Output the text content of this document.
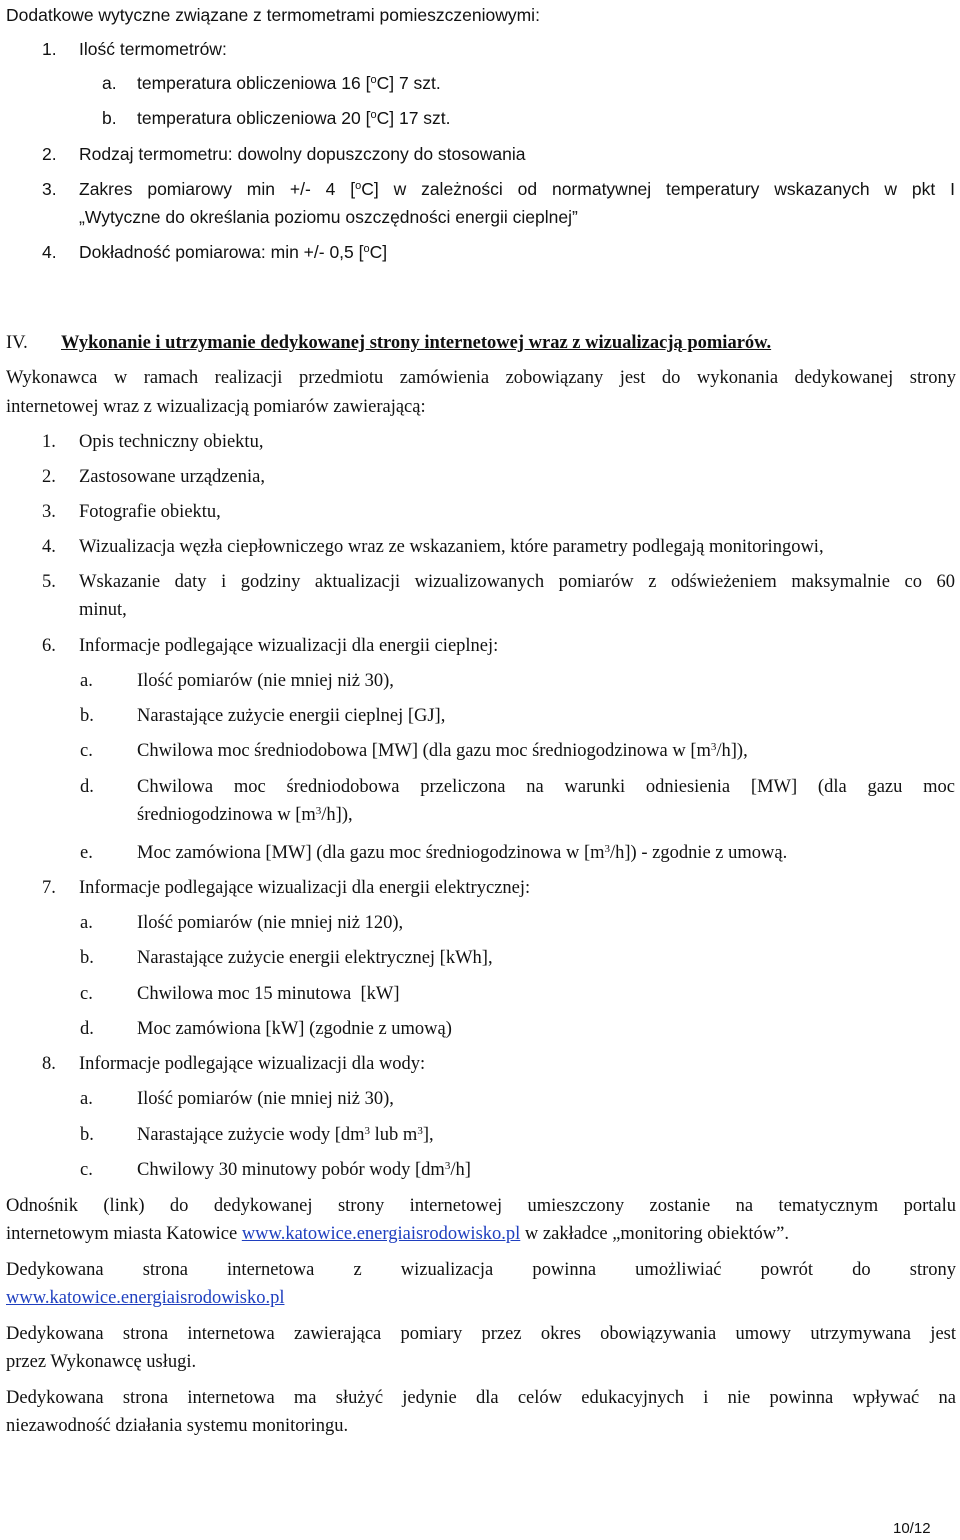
Dodatkowe wytyczne związane z termometrami pomieszczeniowymi:
1. Ilość termometrów:
a. temperatura obliczeniowa 16 [$^o$C] 7 szt.
b. temperatura obliczeniowa 20 [$^o$C] 17 szt.
2. Rodzaj termometru: dowolny dopuszczony do stosowania
3. Zakres pomiarowy min +/- 4 [$^o$C] w zależności od normatywnej temperatury wskazanych w pkt I
„Wytyczne do określania poziomu oszczędności energii cieplnej”
4. Dokładność pomiarowa: min +/- 0,5 [$^o$C]
IV. Wykonanie i utrzymanie dedykowanej strony internetowej wraz z wizualizacją pomiarów.
Wykonawca w ramach realizacji przedmiotu zamówienia zobowiązany jest do wykonania dedykowanej strony
internetowej wraz z wizualizacją pomiarów zawierającą:
1. Opis techniczny obiektu,
2. Zastosowane urządzenia,
3. Fotografie obiektu,
4. Wizualizacja węzła ciepłowniczego wraz ze wskazaniem, które parametry podlegają monitoringowi,
5. Wskazanie daty i godziny aktualizacji wizualizowanych pomiarów z odświeżeniem maksymalnie co 60
minut,
6. Informacje podlegające wizualizacji dla energii cieplnej:
a. Ilość pomiarów (nie mniej niż 30),
b. Narastające zużycie energii cieplnej [GJ],
c. Chwilowa moc średniodobowa [MW] (dla gazu moc średniogodzinowa w $[m^3/h]$),
d. Chwilowa moc średniodobowa przeliczona na warunki odniesienia [MW] (dla gazu moc
średniogodzinowa w $[m^3/h]$),
e. Moc zamówiona [MW] (dla gazu moc średniogodzinowa w $[m^3/h]$) - zgodnie z umową.
7. Informacje podlegające wizualizacji dla energii elektrycznej:
a. Ilość pomiarów (nie mniej niż 120),
b. Narastające zużycie energii elektrycznej [kWh],
c. Chwilowa moc 15 minutowa  [kW]
d. Moc zamówiona [kW] (zgodnie z umową)
8. Informacje podlegające wizualizacji dla wody:
a. Ilość pomiarów (nie mniej niż 30),
b. Narastające zużycie wody [$dm^3$ lub $m^3$],
c. Chwilowy 30 minutowy pobór wody $[dm^3/h]$
Odnośnik (link) do dedykowanej strony internetowej umieszczony zostanie na tematycznym portalu
internetowym miasta Katowice www.katowice.energiaisrodowisko.pl w zakładce „monitoring obiektów”.
Dedykowana strona internetowa z wizualizacja powinna umożliwiać powrót do strony
www.katowice.energiaisrodowisko.pl
Dedykowana strona internetowa zawierająca pomiary przez okres obowiązywania umowy utrzymywana jest
przez Wykonawcę usługi.
Dedykowana strona internetowa ma służyć jedynie dla celów edukacyjnych i nie powinna wpływać na
niezawodność działania systemu monitoringu.
10/12
